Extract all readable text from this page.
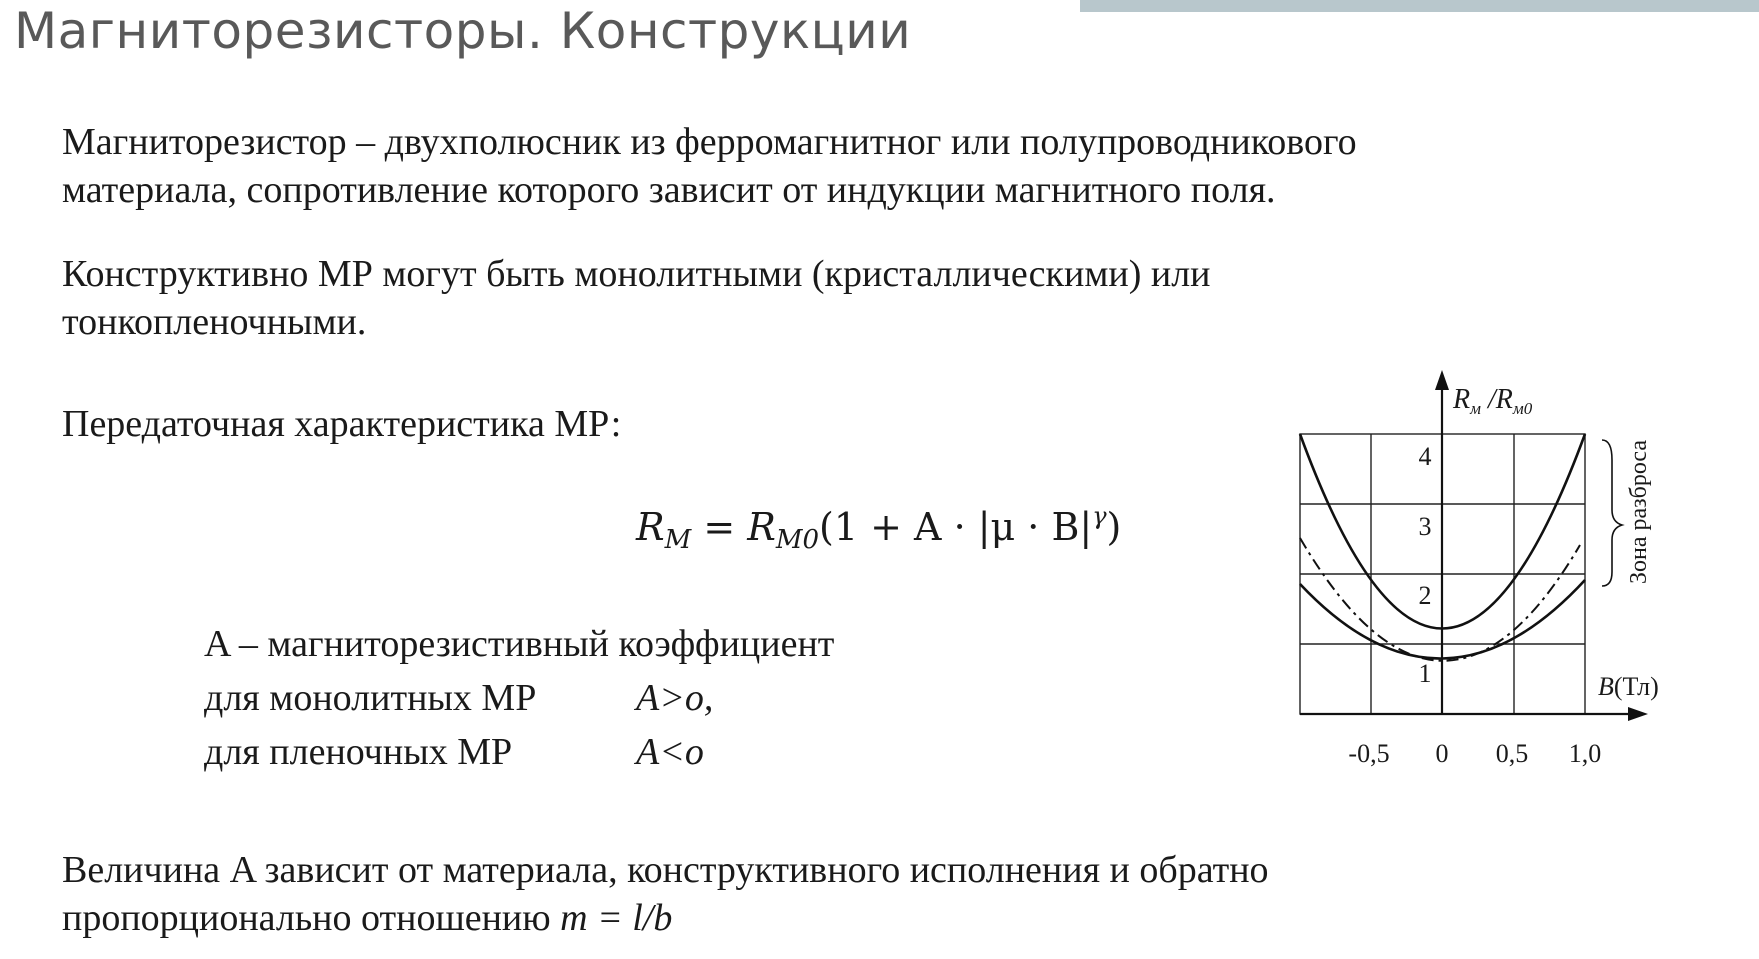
Магниторезисторы. Конструкции

Магниторезистор – двухполюсник из ферромагнитног или полупроводникового
материала, сопротивление которого зависит от индукции магнитного поля.

Конструктивно МР могут быть монолитными (кристаллическими) или
тонкопленочными.

Передаточная характеристика МР:

$R_M = R_{M0}(1 + A \cdot |\mu \cdot B|^\gamma)$
A – магниторезистивный коэффициент
для монолитных МР	A>o,
для пленочных МР	A<o

Величина A зависит от материала, конструктивного исполнения и обратно
пропорционально отношению m = l/b

$R_м$ $/R_{м0}$
4
3
2
1
-0,5 0 0,5 1,0
B(Тл)
Зона разброса
